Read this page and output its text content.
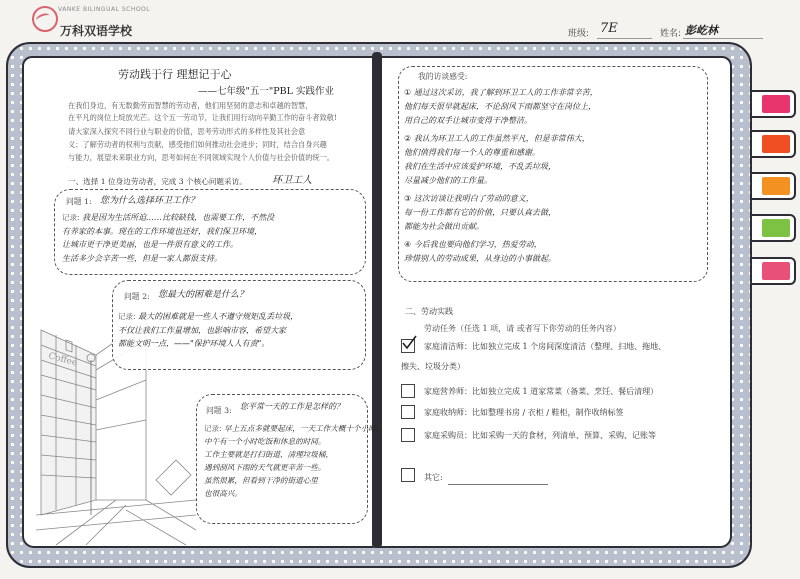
VANKE BILINGUAL SCHOOL
万科双语学校	班级: 7E	姓名: 彭屹林
Coffee
劳动践于行 理想记于心
——七年级"五一"PBL 实践作业
在我们身边，有无数勤劳而智慧的劳动者，他们用坚韧的意志和卓越的智慧，
在平凡的岗位上绽放光芒。这个五一劳动节，让我们用行动向辛勤工作的奋斗者致敬!
请大家深入探究不同行业与职业的价值，思考劳动形式的多样性及其社会意
义；了解劳动者的权利与贡献，感受他们如何推动社会进步；同时，结合自身兴趣
与能力，展望未来职业方向，思考如何在不同领域实现个人价值与社会价值的统一。
一、选择 1 位身边劳动者，完成 3 个核心问题采访。	环卫工人
问题 1: 您为什么选择环卫工作？
记录: 我是因为生活所迫……比较缺钱，也需要工作，不然没
有养家的本事。现在的工作环境也还好，我们保卫环境，
让城市更干净更美丽，也是一件很有意义的工作。
生活多少会辛苦一些，但是一家人都很支持。
问题 2: 您最大的困难是什么？
记录: 最大的困难就是一些人不遵守规矩乱丢垃圾，
不仅让我们工作量增加，也影响市容，希望大家
都能文明一点，——"保护环境人人有责"。
问题 3: 您平常一天的工作是怎样的？
记录: 早上五点多就要起床，一天工作大概十个小时，
中午有一个小时吃饭和休息的时间。
工作主要就是打扫街道、清理垃圾桶，
遇到刮风下雨的天气就更辛苦一些。
虽然很累，但看到干净的街道心里
也很高兴。
我的访谈感受:
① 通过这次采访，我了解到环卫工人的工作非常辛苦，
他们每天很早就起床，不论刮风下雨都坚守在岗位上，
用自己的双手让城市变得干净整洁。
② 我认为环卫工人的工作虽然平凡，但是非常伟大，
他们值得我们每一个人的尊重和感谢。
我们在生活中应该爱护环境，不乱丢垃圾，
尽量减少他们的工作量。
③ 这次访谈让我明白了劳动的意义，
每一份工作都有它的价值，只要认真去做，
都能为社会做出贡献。
④ 今后我也要向他们学习，热爱劳动，
珍惜别人的劳动成果，从身边的小事做起。
二、劳动实践
劳动任务（任选 1 项，请 或者写下你劳动的任务内容）
家庭清洁师：比如独立完成 1 个房间深度清洁（整理、扫地、拖地、
擦失、垃圾分类）
家庭营养师：比如独立完成 1 道家常菜（备菜、烹饪、餐后清理）
家庭收纳师：比如整理书房 / 衣柜 / 鞋柜，制作收纳标签
家庭采购员：比如采购一天的食材，列清单、预算、采购、记账等
其它:
